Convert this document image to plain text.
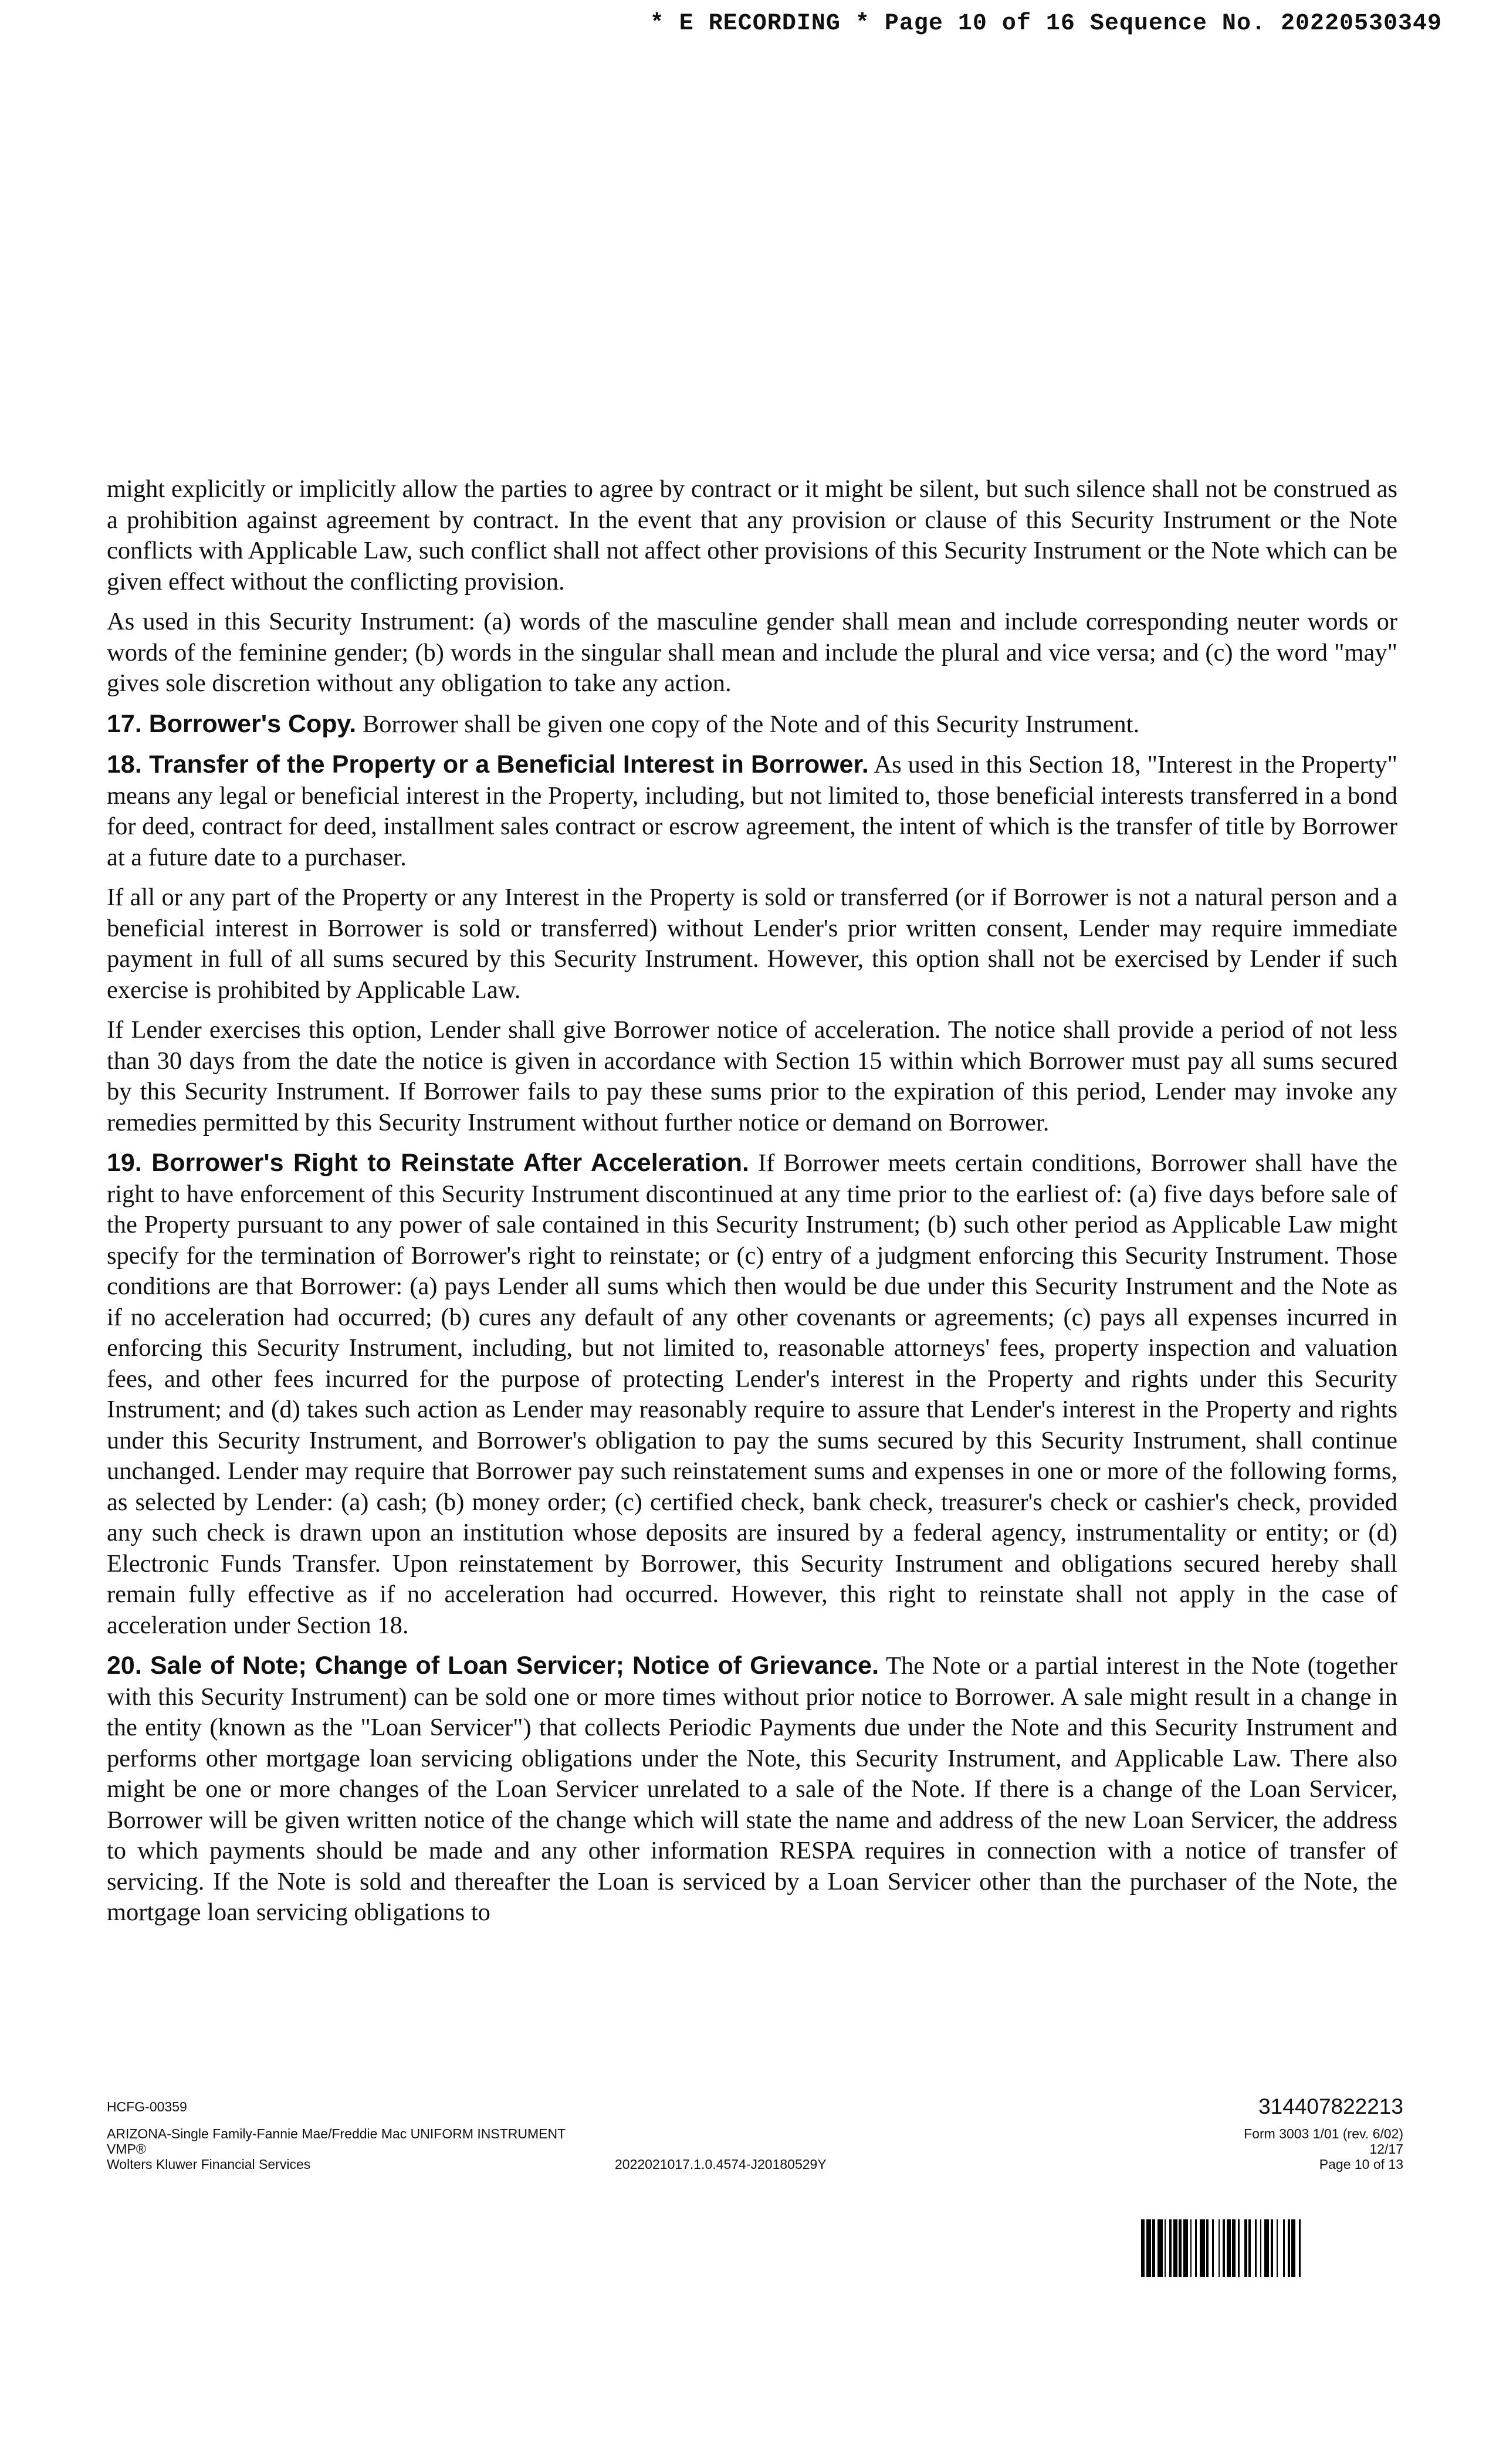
* E RECORDING * Page 10 of 16 Sequence No. 20220530349

might explicitly or implicitly allow the parties to agree by contract or it might be silent, but such silence shall not be construed as a prohibition against agreement by contract. In the event that any provision or clause of this Security Instrument or the Note conflicts with Applicable Law, such conflict shall not affect other provisions of this Security Instrument or the Note which can be given effect without the conflicting provision.

As used in this Security Instrument: (a) words of the masculine gender shall mean and include corresponding neuter words or words of the feminine gender; (b) words in the singular shall mean and include the plural and vice versa; and (c) the word "may" gives sole discretion without any obligation to take any action.

17. Borrower's Copy. Borrower shall be given one copy of the Note and of this Security Instrument.

18. Transfer of the Property or a Beneficial Interest in Borrower. As used in this Section 18, "Interest in the Property" means any legal or beneficial interest in the Property, including, but not limited to, those beneficial interests transferred in a bond for deed, contract for deed, installment sales contract or escrow agreement, the intent of which is the transfer of title by Borrower at a future date to a purchaser.

If all or any part of the Property or any Interest in the Property is sold or transferred (or if Borrower is not a natural person and a beneficial interest in Borrower is sold or transferred) without Lender's prior written consent, Lender may require immediate payment in full of all sums secured by this Security Instrument. However, this option shall not be exercised by Lender if such exercise is prohibited by Applicable Law.

If Lender exercises this option, Lender shall give Borrower notice of acceleration. The notice shall provide a period of not less than 30 days from the date the notice is given in accordance with Section 15 within which Borrower must pay all sums secured by this Security Instrument. If Borrower fails to pay these sums prior to the expiration of this period, Lender may invoke any remedies permitted by this Security Instrument without further notice or demand on Borrower.

19. Borrower's Right to Reinstate After Acceleration. If Borrower meets certain conditions, Borrower shall have the right to have enforcement of this Security Instrument discontinued at any time prior to the earliest of: (a) five days before sale of the Property pursuant to any power of sale contained in this Security Instrument; (b) such other period as Applicable Law might specify for the termination of Borrower's right to reinstate; or (c) entry of a judgment enforcing this Security Instrument. Those conditions are that Borrower: (a) pays Lender all sums which then would be due under this Security Instrument and the Note as if no acceleration had occurred; (b) cures any default of any other covenants or agreements; (c) pays all expenses incurred in enforcing this Security Instrument, including, but not limited to, reasonable attorneys' fees, property inspection and valuation fees, and other fees incurred for the purpose of protecting Lender's interest in the Property and rights under this Security Instrument; and (d) takes such action as Lender may reasonably require to assure that Lender's interest in the Property and rights under this Security Instrument, and Borrower's obligation to pay the sums secured by this Security Instrument, shall continue unchanged. Lender may require that Borrower pay such reinstatement sums and expenses in one or more of the following forms, as selected by Lender: (a) cash; (b) money order; (c) certified check, bank check, treasurer's check or cashier's check, provided any such check is drawn upon an institution whose deposits are insured by a federal agency, instrumentality or entity; or (d) Electronic Funds Transfer. Upon reinstatement by Borrower, this Security Instrument and obligations secured hereby shall remain fully effective as if no acceleration had occurred. However, this right to reinstate shall not apply in the case of acceleration under Section 18.

20. Sale of Note; Change of Loan Servicer; Notice of Grievance. The Note or a partial interest in the Note (together with this Security Instrument) can be sold one or more times without prior notice to Borrower. A sale might result in a change in the entity (known as the "Loan Servicer") that collects Periodic Payments due under the Note and this Security Instrument and performs other mortgage loan servicing obligations under the Note, this Security Instrument, and Applicable Law. There also might be one or more changes of the Loan Servicer unrelated to a sale of the Note. If there is a change of the Loan Servicer, Borrower will be given written notice of the change which will state the name and address of the new Loan Servicer, the address to which payments should be made and any other information RESPA requires in connection with a notice of transfer of servicing. If the Note is sold and thereafter the Loan is serviced by a Loan Servicer other than the purchaser of the Note, the mortgage loan servicing obligations to

HCFG-00359
ARIZONA-Single Family-Fannie Mae/Freddie Mac UNIFORM INSTRUMENT
VMP®
Wolters Kluwer Financial Services	2022021017.1.0.4574-J20180529Y
314407822213
Form 3003 1/01 (rev. 6/02)
12/17
Page 10 of 13
